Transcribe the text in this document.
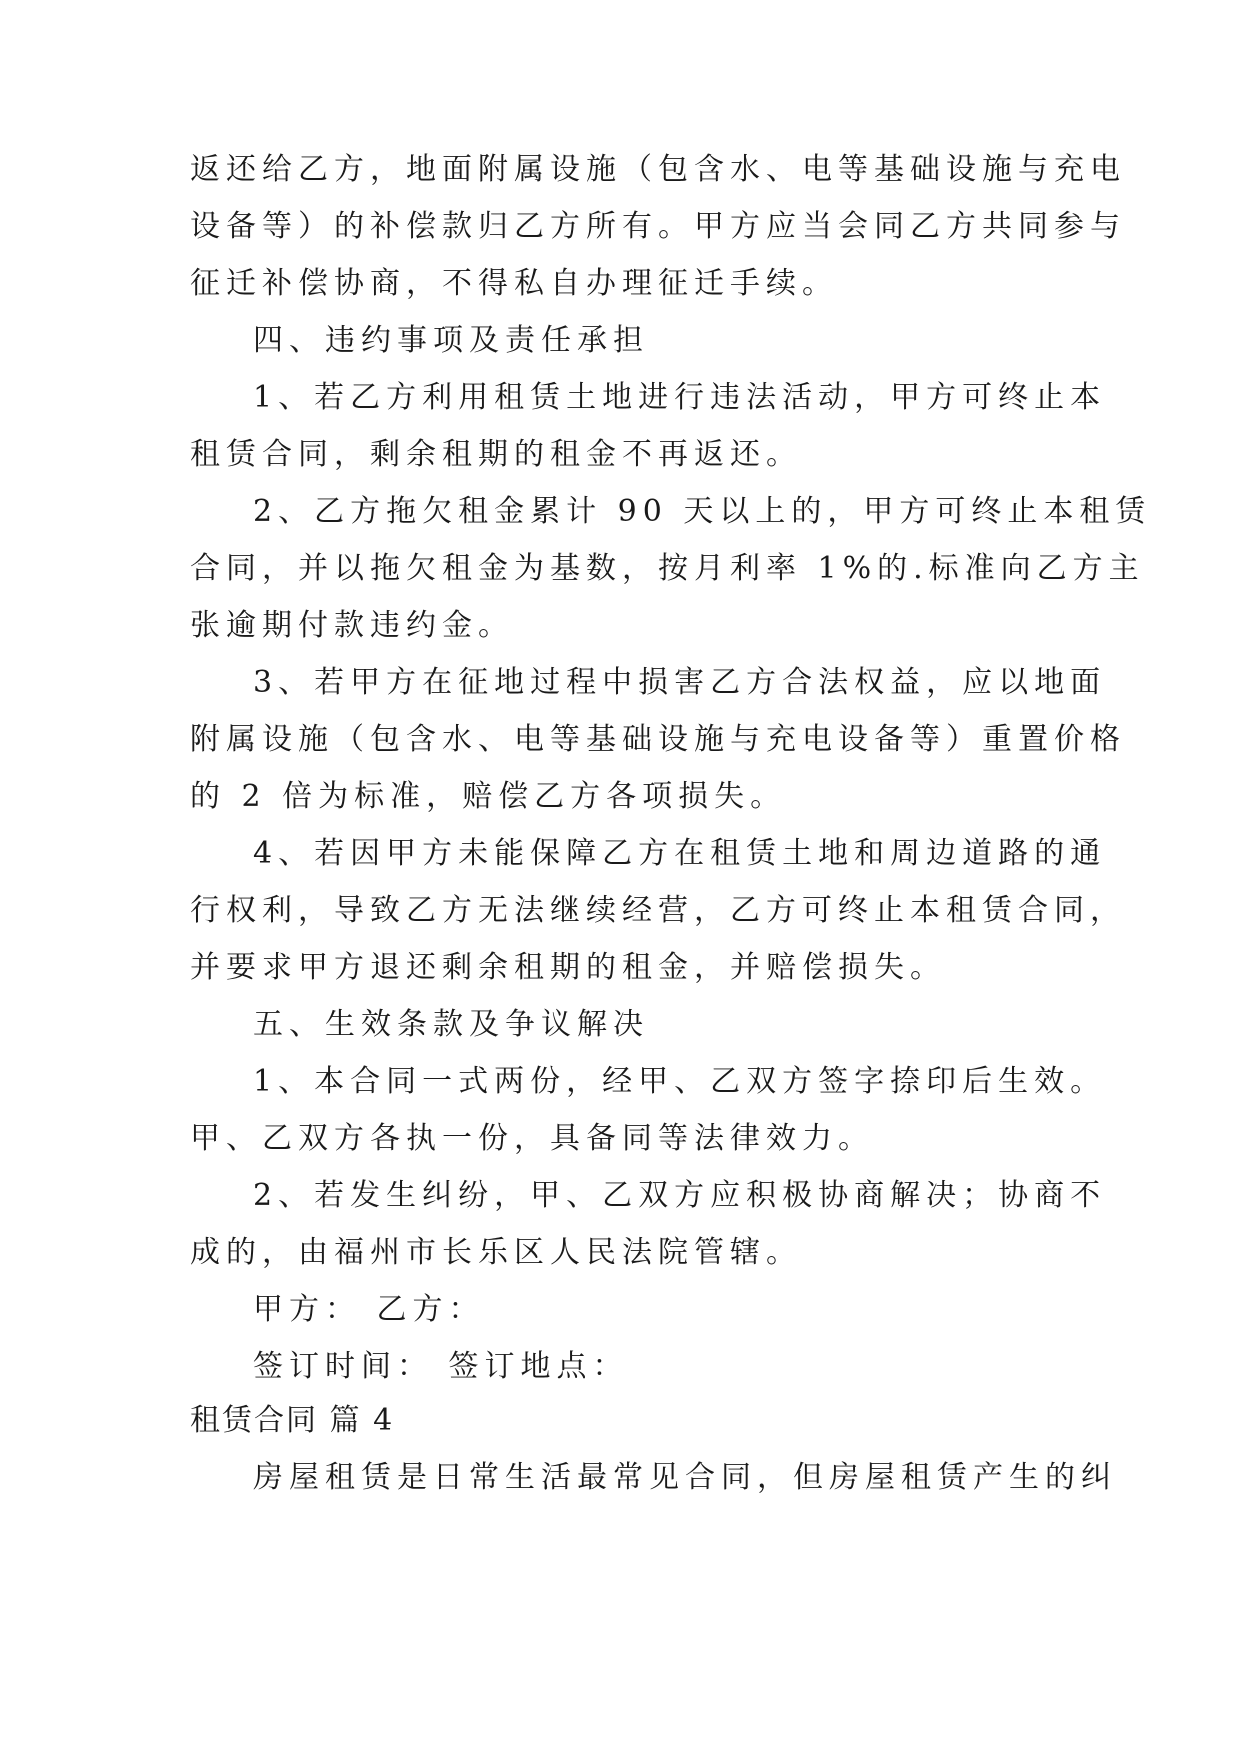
返还给乙方，地面附属设施（包含水、电等基础设施与充电
设备等）的补偿款归乙方所有。甲方应当会同乙方共同参与
征迁补偿协商，不得私自办理征迁手续。
四、违约事项及责任承担
1、若乙方利用租赁土地进行违法活动，甲方可终止本
租赁合同，剩余租期的租金不再返还。
2、乙方拖欠租金累计 90 天以上的，甲方可终止本租赁
合同，并以拖欠租金为基数，按月利率 1%的.标准向乙方主
张逾期付款违约金。
3、若甲方在征地过程中损害乙方合法权益，应以地面
附属设施（包含水、电等基础设施与充电设备等）重置价格
的 2 倍为标准，赔偿乙方各项损失。
4、若因甲方未能保障乙方在租赁土地和周边道路的通
行权利，导致乙方无法继续经营，乙方可终止本租赁合同，
并要求甲方退还剩余租期的租金，并赔偿损失。
五、生效条款及争议解决
1、本合同一式两份，经甲、乙双方签字捺印后生效。
甲、乙双方各执一份，具备同等法律效力。
2、若发生纠纷，甲、乙双方应积极协商解决；协商不
成的，由福州市长乐区人民法院管辖。
甲方： 乙方：
签订时间： 签订地点：
租赁合同 篇 4
房屋租赁是日常生活最常见合同，但房屋租赁产生的纠
